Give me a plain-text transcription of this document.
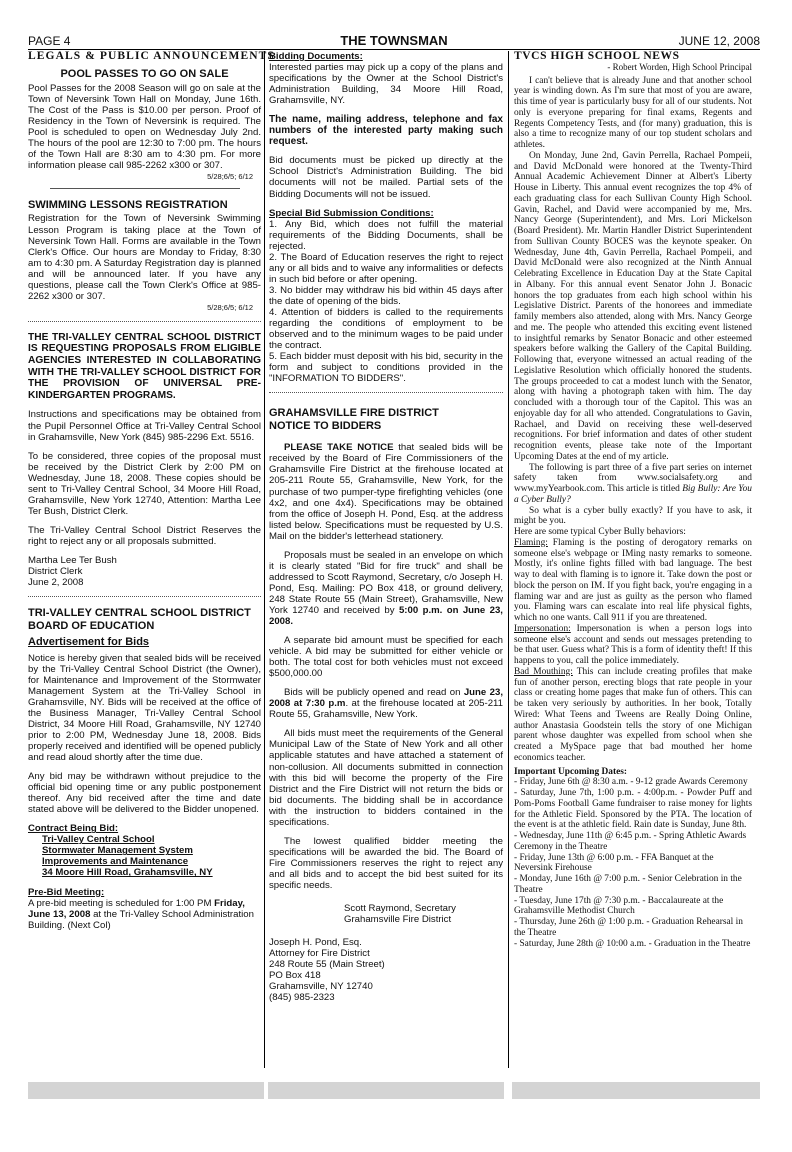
PAGE 4	THE TOWNSMAN	JUNE 12, 2008
LEGALS & PUBLIC ANNOUNCEMENTS
POOL PASSES TO GO ON SALE

Pool Passes for the 2008 Season will go on sale at the Town of Neversink Town Hall on Monday, June 16th. The Cost of the Pass is $10.00 per person. Proof of Residency in the Town of Neversink is required. The Pool is scheduled to open on Wednesday July 2nd. The hours of the pool are 12:30 to 7:00 pm. The hours of the Town Hall are 8:30 am to 4:30 pm. For more information please call 985-2262 x300 or 307.

5/28;6/5; 6/12
SWIMMING LESSONS REGISTRATION

Registration for the Town of Neversink Swimming Lesson Program is taking place at the Town of Neversink Town Hall. Forms are available in the Town Clerk's Office. Our hours are Monday to Friday, 8:30 am to 4:30 pm. A Saturday Registration day is planned and will be announced later. If you have any questions, please call the Town Clerk's Office at 985-2262 x300 or 307.

5/28;6/5; 6/12

THE TRI-VALLEY CENTRAL SCHOOL DISTRICT IS REQUESTING PROPOSALS FROM ELIGIBLE AGENCIES INTERESTED IN COLLABORATING WITH THE TRI-VALLEY SCHOOL DISTRICT FOR THE PROVISION OF UNIVERSAL PRE-KINDERGARTEN PROGRAMS.

Instructions and specifications may be obtained from the Pupil Personnel Office at Tri-Valley Central School in Grahamsville, New York (845) 985-2296 Ext. 5516.

To be considered, three copies of the proposal must be received by the District Clerk by 2:00 PM on Wednesday, June 18, 2008. These copies should be sent to Tri-Valley Central School, 34 Moore Hill Road, Grahamsville, New York 12740, Attention: Martha Lee Ter Bush, District Clerk.

The Tri-Valley Central School District Reserves the right to reject any or all proposals submitted.

Martha Lee Ter Bush
District Clerk
June 2, 2008
TRI-VALLEY CENTRAL SCHOOL DISTRICT BOARD OF EDUCATION
Advertisement for Bids

Notice is hereby given that sealed bids will be received by the Tri-Valley Central School District (the Owner), for Maintenance and Improvement of the Stormwater Management System at the Tri-Valley School in Grahamsville, NY. Bids will be received at the office of the Business Manager, Tri-Valley Central School District, 34 Moore Hill Road, Grahamsville, NY 12740 prior to 2:00 PM, Wednesday June 18, 2008. Bids properly received and identified will be opened publicly and read aloud shortly after the time due.

Any bid may be withdrawn without prejudice to the official bid opening time or any public postponement thereof. Any bid received after the time and date stated above will be delivered to the Bidder unopened.

Contract Being Bid:
Tri-Valley Central School
Stormwater Management System
Improvements and Maintenance
34 Moore Hill Road, Grahamsville, NY
Pre-Bid Meeting:

A pre-bid meeting is scheduled for 1:00 PM Friday, June 13, 2008 at the Tri-Valley School Administration Building. (Next Col)

Bidding Documents:

Interested parties may pick up a copy of the plans and specifications by the Owner at the School District's Administration Building, 34 Moore Hill Road, Grahamsville, NY.

The name, mailing address, telephone and fax numbers of the interested party making such request.

Bid documents must be picked up directly at the School District's Administration Building. The bid documents will not be mailed. Partial sets of the Bidding Documents will not be issued.

Special Bid Submission Conditions:
1. Any Bid, which does not fulfill the material requirements of the Bidding Documents, shall be rejected.
2. The Board of Education reserves the right to reject any or all bids and to waive any informalities or defects in such bid before or after opening.
3. No bidder may withdraw his bid within 45 days after the date of opening of the bids.
4. Attention of bidders is called to the requirements regarding the conditions of employment to be observed and to the minimum wages to be paid under the contract.
5. Each bidder must deposit with his bid, security in the form and subject to conditions provided in the "INFORMATION TO BIDDERS".
GRAHAMSVILLE FIRE DISTRICT
NOTICE TO BIDDERS

PLEASE TAKE NOTICE that sealed bids will be received by the Board of Fire Commissioners of the Grahamsville Fire District at the firehouse located at 205-211 Route 55, Grahamsville, New York, for the purchase of two pumper-type firefighting vehicles (one 4x2, and one 4x4). Specifications may be obtained from the office of Joseph H. Pond, Esq. at the address listed below. Specifications must be requested by U.S. Mail on the bidder's letterhead stationery.

Proposals must be sealed in an envelope on which it is clearly stated "Bid for fire truck" and shall be addressed to Scott Raymond, Secretary, c/o Joseph H. Pond, Esq. Mailing: PO Box 418, or ground delivery, 248 State Route 55 (Main Street), Grahamsville, New York 12740 and received by 5:00 p.m. on June 23, 2008.

A separate bid amount must be specified for each vehicle. A bid may be submitted for either vehicle or both. The total cost for both vehicles must not exceed $500,000.00

Bids will be publicly opened and read on June 23, 2008 at 7:30 p.m. at the firehouse located at 205-211 Route 55, Grahamsville, New York.

All bids must meet the requirements of the General Municipal Law of the State of New York and all other applicable statutes and have attached a statement of non-collusion. All documents submitted in connection with this bid will become the property of the Fire District and the Fire District will not return the bids or bid documents. The bidding shall be in accordance with the instruction to bidders contained in the specifications.

The lowest qualified bidder meeting the specifications will be awarded the bid. The Board of Fire Commissioners reserves the right to reject any and all bids and to accept the bid best suited for its specific needs.

Scott Raymond, Secretary
Grahamsville Fire District
Joseph H. Pond, Esq.
Attorney for Fire District
248 Route 55 (Main Street)
PO Box 418
Grahamsville, NY 12740
(845) 985-2323
TVCS HIGH SCHOOL NEWS
- Robert Worden, High School Principal

I can't believe that is already June and that another school year is winding down. As I'm sure that most of you are aware, this time of year is particularly busy for all of our students. Not only is everyone preparing for final exams, Regents and Regents Competency Tests, and (for many) graduation, this is also a time to recognize many of our top student scholars and athletes.

On Monday, June 2nd, Gavin Perrella, Rachael Pompeii, and David McDonald were honored at the Twenty-Third Annual Academic Achievement Dinner at Albert's Liberty House in Liberty. This annual event recognizes the top 4% of each graduating class for each Sullivan County High School. Gavin, Rachel, and David were accompanied by me, Mrs. Nancy George (Superintendent), and Mrs. Lori Mickelson (Board President). Mr. Martin Handler District Superintendent from Sullivan County BOCES was the keynote speaker. On Wednesday, June 4th, Gavin Perrella, Rachael Pompeii, and David McDonald were also recognized at the Ninth Annual Celebrating Excellence in Education Day at the State Capital in Albany. For this annual event Senator John J. Bonacic honors the top graduates from each high school within his Legislative District. Parents of the honorees and immediate family members also attended, along with Mrs. Nancy George and me. The people who attended this exciting event listened to insightful remarks by Senator Bonacic and other esteemed speakers before walking the Gallery of the Capital Building. Following that, everyone witnessed an actual reading of the Legislative Resolution which officially honored the students. The groups proceeded to cat a modest lunch with the Senator, along with having a photograph taken with him. The day concluded with a thorough tour of the Capitol. This was an enjoyable day for all who attended. Congratulations to Gavin, Rachael, and David on receiving these well-deserved recognitions. For brief information and dates of other student recognition events, please take note of the Important Upcoming Dates at the end of my article.

The following is part three of a five part series on internet safety taken from www.socialsafety.org and www.myYearbook.com. This article is titled Big Bully: Are You a Cyber Bully?

So what is a cyber bully exactly? If you have to ask, it might be you.

Here are some typical Cyber Bully behaviors:

Flaming: Flaming is the posting of derogatory remarks on someone else's webpage or IMing nasty remarks to someone. Mostly, it's online fights filled with bad language. The best way to deal with flaming is to ignore it. Take down the post or block the person on IM. If you fight back, you're engaging in a flaming war and are just as guilty as the person who flamed you. Flaming wars can escalate into real life physical fights, which no one wants. Call 911 if you are threatened.

Impersonation: Impersonation is when a person logs into someone else's account and sends out messages pretending to be that user. Guess what? This is a form of identity theft! If this happens to you, call the police immediately.

Bad Mouthing: This can include creating profiles that make fun of another person, erecting blogs that rate people in your class or creating home pages that make fun of others. This can be taken very seriously by authorities. In her book, Totally Wired: What Teens and Tweens are Really Doing Online, author Anastasia Goodstein tells the story of one Michigan parent whose daughter was expelled from school when she created a MySpace page that bad mouthed her home economics teacher.

Important Upcoming Dates:
- Friday, June 6th @ 8:30 a.m. - 9-12 grade Awards Ceremony
- Saturday, June 7th, 1:00 p.m. - 4:00p.m. - Powder Puff and Pom-Poms Football Game fundraiser to raise money for lights for the Athletic Field. Sponsored by the PTA. The location of the event is at the athletic field. Rain date is Sunday, June 8th.
- Wednesday, June 11th @ 6:45 p.m. - Spring Athletic Awards Ceremony in the Theatre
- Friday, June 13th @ 6:00 p.m. - FFA Banquet at the Neversink Firehouse
- Monday, June 16th @ 7:00 p.m. - Senior Celebration in the Theatre
- Tuesday, June 17th @ 7:30 p.m. - Baccalaureate at the Grahamsville Methodist Church
- Thursday, June 26th @ 1:00 p.m. - Graduation Rehearsal in the Theatre
- Saturday, June 28th @ 10:00 a.m. - Graduation in the Theatre
